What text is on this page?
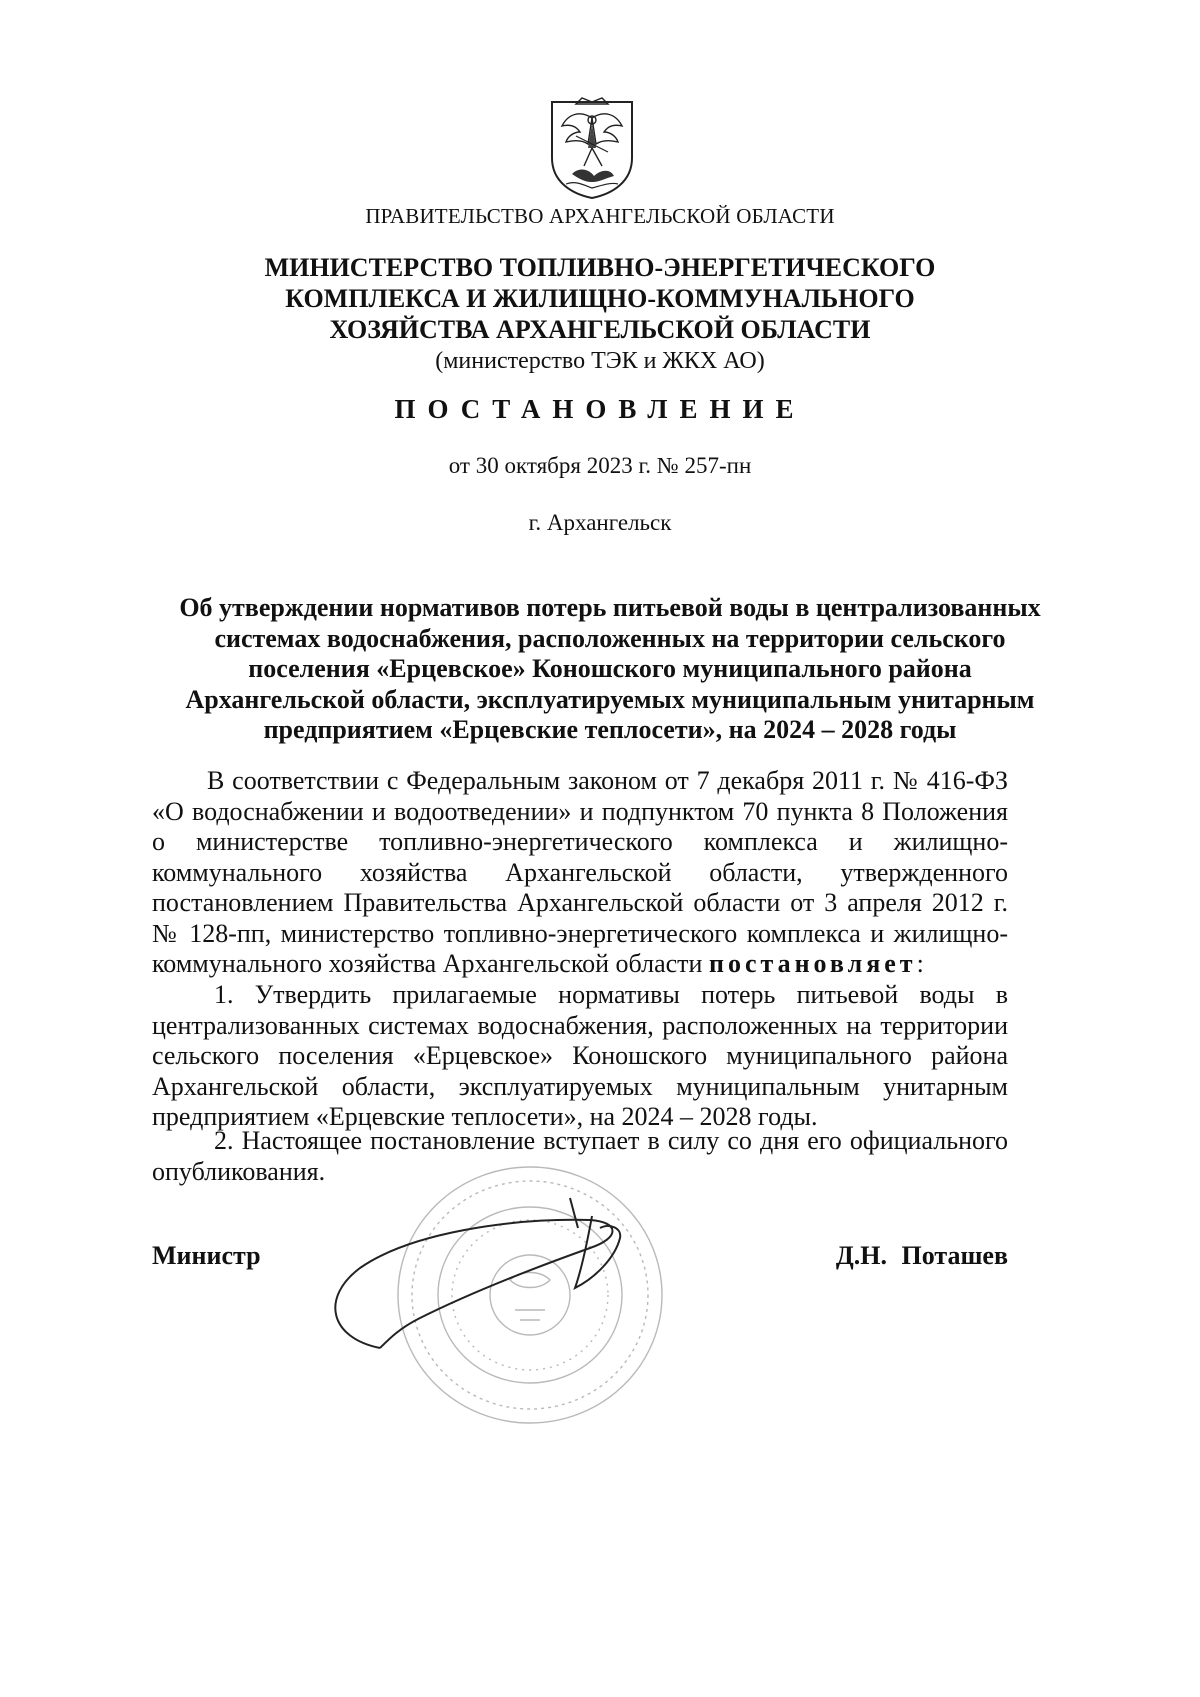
ПРАВИТЕЛЬСТВО АРХАНГЕЛЬСКОЙ ОБЛАСТИ
МИНИСТЕРСТВО ТОПЛИВНО-ЭНЕРГЕТИЧЕСКОГО
КОМПЛЕКСА И ЖИЛИЩНО-КОММУНАЛЬНОГО
ХОЗЯЙСТВА АРХАНГЕЛЬСКОЙ ОБЛАСТИ
(министерство ТЭК и ЖКХ АО)
ПОСТАНОВЛЕНИЕ
от 30 октября 2023 г. № 257-пн
г. Архангельск
Об утверждении нормативов потерь питьевой воды в централизованных
системах водоснабжения, расположенных на территории сельского
поселения «Ерцевское» Коношского муниципального района
Архангельской области, эксплуатируемых муниципальным унитарным
предприятием «Ерцевские теплосети», на 2024 – 2028 годы
В соответствии с Федеральным законом от 7 декабря 2011 г. № 416-ФЗ «О водоснабжении и водоотведении» и подпунктом 70 пункта 8 Положения о министерстве топливно-энергетического комплекса и жилищно-коммунального хозяйства Архангельской области, утвержденного постановлением Правительства Архангельской области от 3 апреля 2012 г. № 128-пп, министерство топливно-энергетического комплекса и жилищно-коммунального хозяйства Архангельской области постановляет:
1. Утвердить прилагаемые нормативы потерь питьевой воды в централизованных системах водоснабжения, расположенных на территории сельского поселения «Ерцевское» Коношского муниципального района Архангельской области, эксплуатируемых муниципальным унитарным предприятием «Ерцевские теплосети», на 2024 – 2028 годы.
2. Настоящее постановление вступает в силу со дня его официального опубликования.
Министр	Д.Н. Поташев
